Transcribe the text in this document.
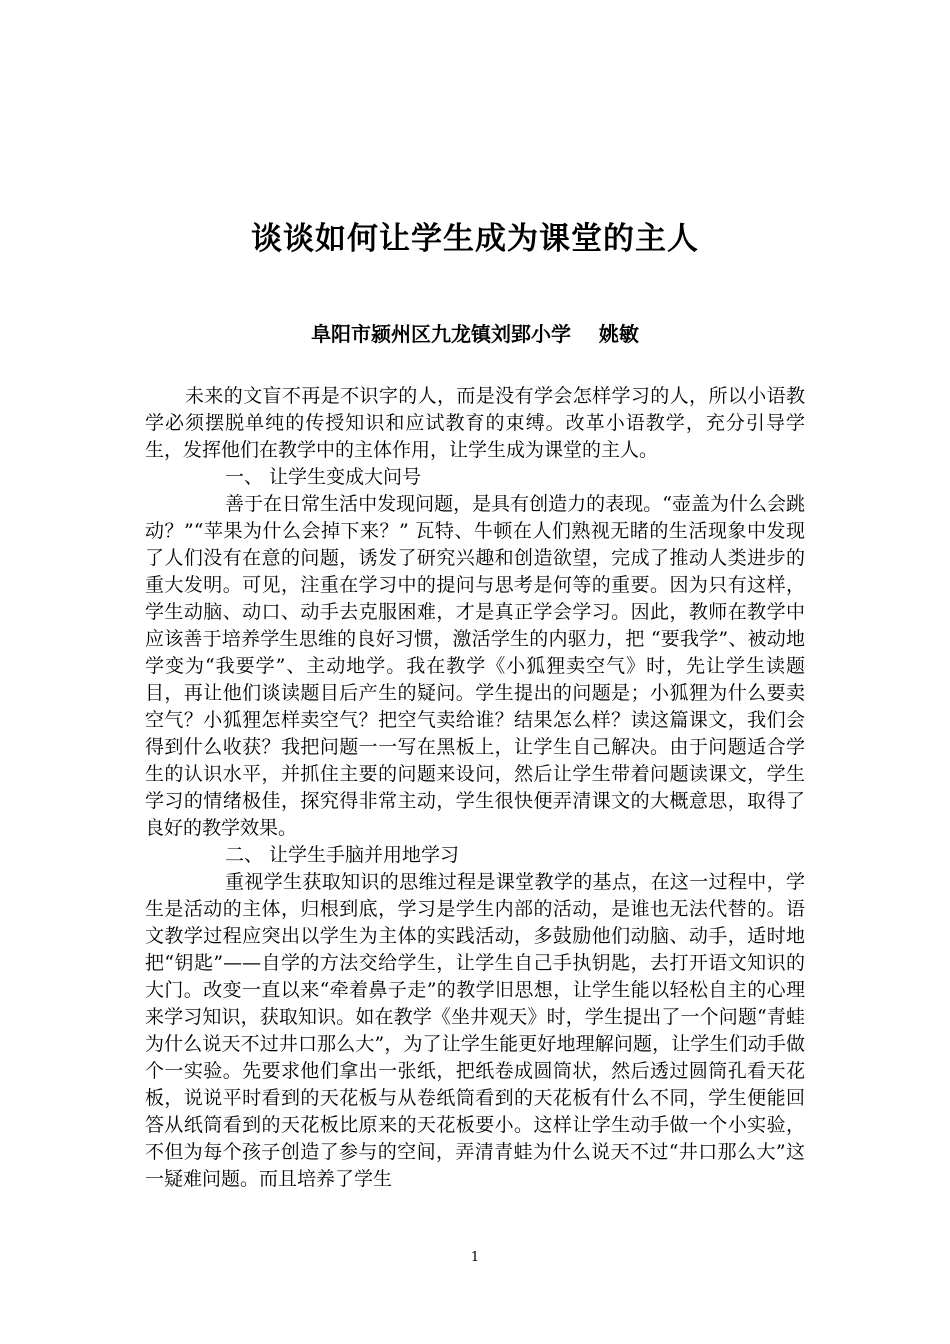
谈谈如何让学生成为课堂的主人
阜阳市颍州区九龙镇刘郢小学    姚敏

未来的文盲不再是不识字的人，而是没有学会怎样学习的人，所以小语教学必须摆脱单纯的传授知识和应试教育的束缚。改革小语教学，充分引导学生，发挥他们在教学中的主体作用，让学生成为课堂的主人。

一、 让学生变成大问号

善于在日常生活中发现问题，是具有创造力的表现。“壶盖为什么会跳动？”“苹果为什么会掉下来？” 瓦特、牛顿在人们熟视无睹的生活现象中发现了人们没有在意的问题，诱发了研究兴趣和创造欲望，完成了推动人类进步的重大发明。可见，注重在学习中的提问与思考是何等的重要。因为只有这样，学生动脑、动口、动手去克服困难，才是真正学会学习。因此，教师在教学中应该善于培养学生思维的良好习惯，激活学生的内驱力，把 “要我学”、被动地学变为“我要学”、主动地学。我在教学《小狐狸卖空气》时，先让学生读题目，再让他们谈读题目后产生的疑问。学生提出的问题是；小狐狸为什么要卖空气？小狐狸怎样卖空气？把空气卖给谁？结果怎么样？读这篇课文，我们会得到什么收获？我把问题一一写在黑板上，让学生自己解决。由于问题适合学生的认识水平，并抓住主要的问题来设问，然后让学生带着问题读课文，学生学习的情绪极佳，探究得非常主动，学生很快便弄清课文的大概意思，取得了良好的教学效果。

二、 让学生手脑并用地学习

重视学生获取知识的思维过程是课堂教学的基点，在这一过程中，学生是活动的主体，归根到底，学习是学生内部的活动，是谁也无法代替的。语文教学过程应突出以学生为主体的实践活动，多鼓励他们动脑、动手，适时地把“钥匙”——自学的方法交给学生，让学生自己手执钥匙，去打开语文知识的大门。改变一直以来“牵着鼻子走”的教学旧思想，让学生能以轻松自主的心理来学习知识，获取知识。如在教学《坐井观天》时，学生提出了一个问题“青蛙为什么说天不过井口那么大”，为了让学生能更好地理解问题，让学生们动手做个一实验。先要求他们拿出一张纸，把纸卷成圆筒状，然后透过圆筒孔看天花板，说说平时看到的天花板与从卷纸筒看到的天花板有什么不同，学生便能回答从纸筒看到的天花板比原来的天花板要小。这样让学生动手做一个小实验，不但为每个孩子创造了参与的空间，弄清青蛙为什么说天不过“井口那么大”这一疑难问题。而且培养了学生

1
